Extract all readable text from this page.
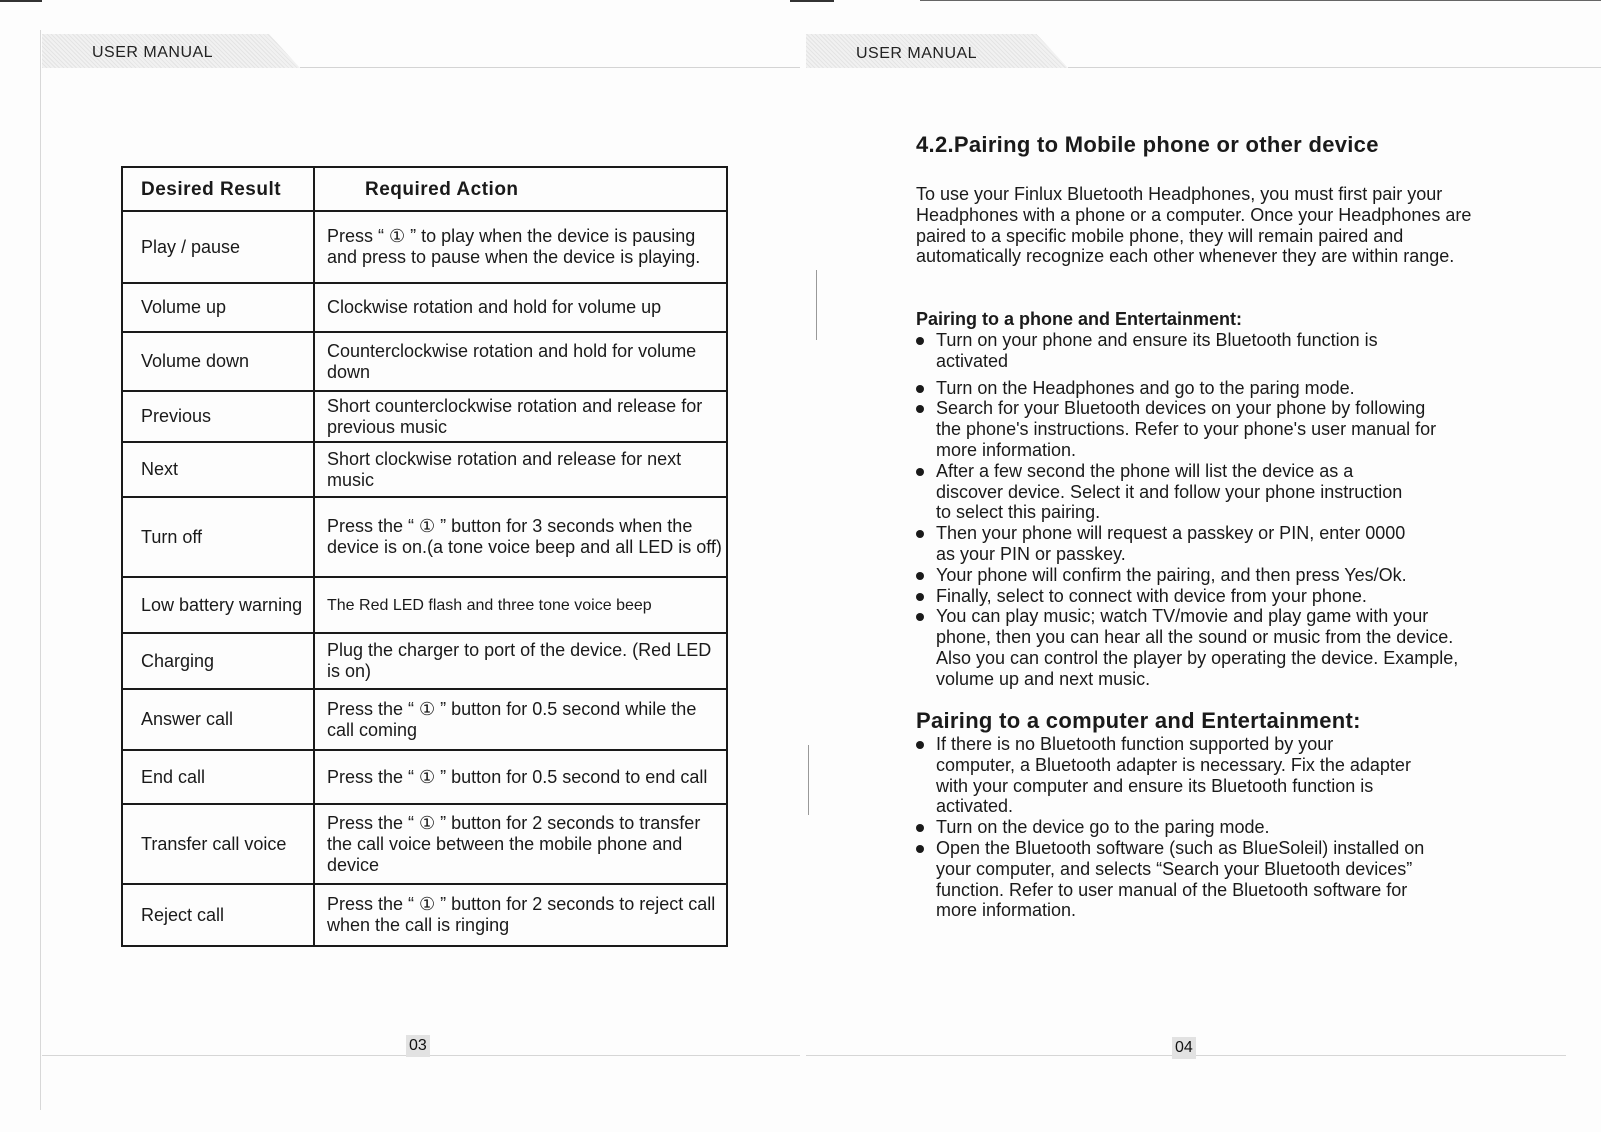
USER MANUAL	USER MANUAL
Desired Result	Required Action
Play / pause	Press “ ① ” to play when the device is pausing and press to pause when the device is playing.
Volume up	Clockwise rotation and hold for volume up
Volume down	Counterclockwise rotation and hold for volume down
Previous	Short counterclockwise rotation and release for previous music
Next	Short clockwise rotation and release for next music
Turn off	Press the “ ① ” button for 3 seconds when the device is on.(a tone voice beep and all LED is off)
Low battery warning	The Red LED flash and three tone voice beep
Charging	Plug the charger to port of the device. (Red LED is on)
Answer call	Press the “ ① ” button for 0.5 second while the call coming
End call	Press the “ ① ” button for 0.5 second to end call
Transfer call voice	Press the “ ① ” button for 2 seconds to transfer the call voice between the mobile phone and device
Reject call	Press the “ ① ” button for 2 seconds to reject call when the call is ringing
4.2.Pairing to Mobile phone or other device
To use your Finlux Bluetooth Headphones, you must first pair your Headphones with a phone or a computer. Once your Headphones are paired to a specific mobile phone, they will remain paired and automatically recognize each other whenever they are within range.
Pairing to a phone and Entertainment:
Turn on your phone and ensure its Bluetooth function is activated
Turn on the Headphones and go to the paring mode.
Search for your Bluetooth devices on your phone by following the phone's instructions. Refer to your phone's user manual for more information.
After a few second the phone will list the device as a discover device. Select it and follow your phone instruction to select this pairing.
Then your phone will request a passkey or PIN, enter 0000 as your PIN or passkey.
Your phone will confirm the pairing, and then press Yes/Ok.
Finally, select to connect with device from your phone.
You can play music; watch TV/movie and play game with your phone, then you can hear all the sound or music from the device. Also you can control the player by operating the device. Example, volume up and next music.
Pairing to a computer and Entertainment:
If there is no Bluetooth function supported by your computer, a Bluetooth adapter is necessary. Fix the adapter with your computer and ensure its Bluetooth function is activated.
Turn on the device go to the paring mode.
Open the Bluetooth software (such as BlueSoleil) installed on your computer, and selects “Search your Bluetooth devices” function. Refer to user manual of the Bluetooth software for more information.
03	04
